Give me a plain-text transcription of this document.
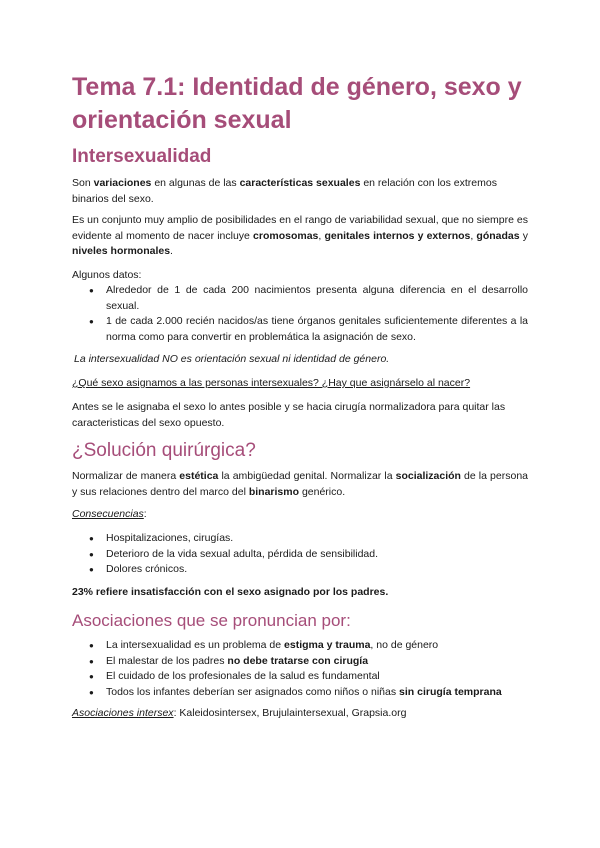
Tema 7.1: Identidad de género, sexo y orientación sexual
Intersexualidad

Son variaciones en algunas de las características sexuales en relación con los extremos binarios del sexo.

Es un conjunto muy amplio de posibilidades en el rango de variabilidad sexual, que no siempre es evidente al momento de nacer incluye cromosomas, genitales internos y externos, gónadas y niveles hormonales.

Algunos datos:

● Alrededor de 1 de cada 200 nacimientos presenta alguna diferencia en el desarrollo sexual.
● 1 de cada 2.000 recién nacidos/as tiene órganos genitales suficientemente diferentes a la norma como para convertir en problemática la asignación de sexo.

La intersexualidad NO es orientación sexual ni identidad de género.

¿Qué sexo asignamos a las personas intersexuales? ¿Hay que asignárselo al nacer?

Antes se le asignaba el sexo lo antes posible y se hacia cirugía normalizadora para quitar las caracteristicas del sexo opuesto.

¿Solución quirúrgica?

Normalizar de manera estética la ambigüedad genital. Normalizar la socialización de la persona y sus relaciones dentro del marco del binarismo genérico.

Consecuencias:

● Hospitalizaciones, cirugías.
● Deterioro de la vida sexual adulta, pérdida de sensibilidad.
● Dolores crónicos.

23% refiere insatisfacción con el sexo asignado por los padres.

Asociaciones que se pronuncian por:
● La intersexualidad es un problema de estigma y trauma, no de género
● El malestar de los padres no debe tratarse con cirugía
● El cuidado de los profesionales de la salud es fundamental
● Todos los infantes deberían ser asignados como niños o niñas sin cirugía temprana

Asociaciones intersex: Kaleidosintersex, Brujulaintersexual, Grapsia.org
